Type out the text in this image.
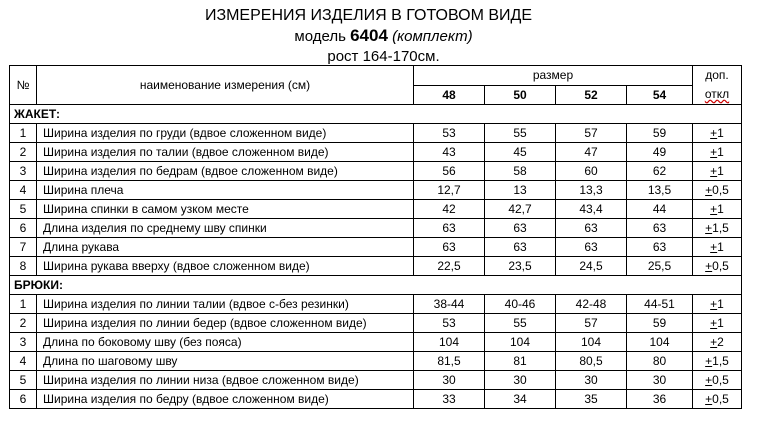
ИЗМЕРЕНИЯ ИЗДЕЛИЯ В ГОТОВОМ ВИДЕ
модель 6404 (комплект)
рост 164-170см.
№	наименование измерения (см)	размер				доп.
откл
		48	50	52	54	
ЖАКЕТ:						
1	Ширина изделия по груди (вдвое сложенном виде)	53	55	57	59	+1
2	Ширина изделия по талии (вдвое сложенном виде)	43	45	47	49	+1
3	Ширина изделия по бедрам (вдвое сложенном виде)	56	58	60	62	+1
4	Ширина плеча	12,7	13	13,3	13,5	+0,5
5	Ширина спинки в самом узком месте	42	42,7	43,4	44	+1
6	Длина изделия по среднему шву спинки	63	63	63	63	+1,5
7	Длина рукава	63	63	63	63	+1
8	Ширина рукава вверху (вдвое сложенном виде)	22,5	23,5	24,5	25,5	+0,5
БРЮКИ:						
1	Ширина изделия по линии талии (вдвое с-без резинки)	38-44	40-46	42-48	44-51	+1
2	Ширина изделия по линии бедер (вдвое сложенном виде)	53	55	57	59	+1
3	Длина по боковому шву (без пояса)	104	104	104	104	+2
4	Длина по шаговому шву	81,5	81	80,5	80	+1,5
5	Ширина изделия по линии низа (вдвое сложенном виде)	30	30	30	30	+0,5
6	Ширина изделия по бедру (вдвое сложенном виде)	33	34	35	36	+0,5
